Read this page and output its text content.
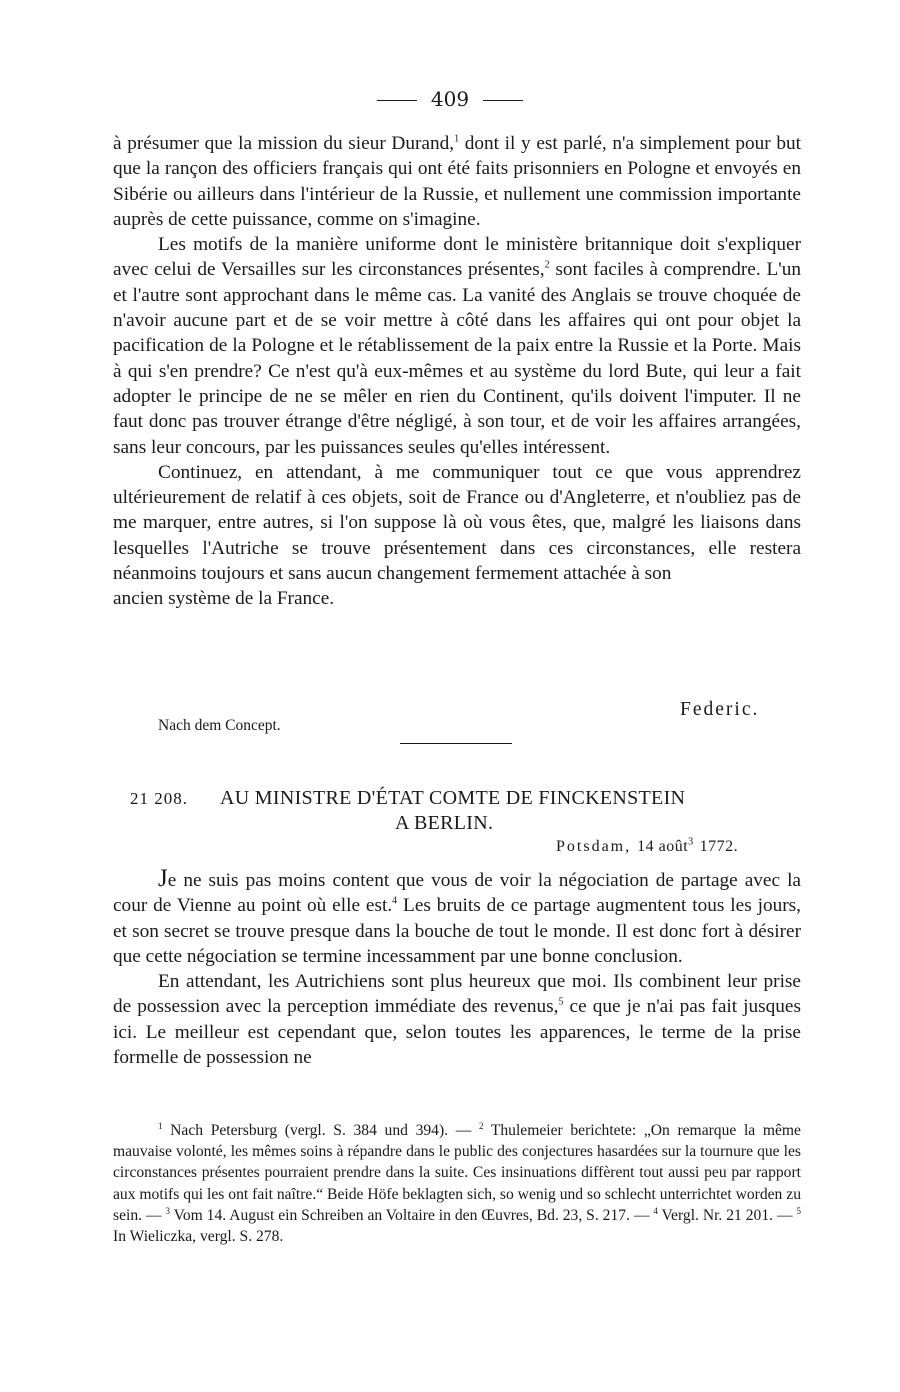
409

à présumer que la mission du sieur Durand,$^1$ dont il y est parlé, n'a simplement pour but que la rançon des officiers français qui ont été faits prisonniers en Pologne et envoyés en Sibérie ou ailleurs dans l'intérieur de la Russie, et nullement une commission importante auprès de cette puissance, comme on s'imagine.

Les motifs de la manière uniforme dont le ministère britannique doit s'expliquer avec celui de Versailles sur les circonstances présentes,$^2$ sont faciles à comprendre. L'un et l'autre sont approchant dans le même cas. La vanité des Anglais se trouve choquée de n'avoir aucune part et de se voir mettre à côté dans les affaires qui ont pour objet la pacification de la Pologne et le rétablissement de la paix entre la Russie et la Porte. Mais à qui s'en prendre? Ce n'est qu'à eux-mêmes et au système du lord Bute, qui leur a fait adopter le principe de ne se mêler en rien du Continent, qu'ils doivent l'imputer. Il ne faut donc pas trouver étrange d'être négligé, à son tour, et de voir les affaires arrangées, sans leur concours, par les puissances seules qu'elles intéressent.

Continuez, en attendant, à me communiquer tout ce que vous apprendrez ultérieurement de relatif à ces objets, soit de France ou d'Angleterre, et n'oubliez pas de me marquer, entre autres, si l'on suppose là où vous êtes, que, malgré les liaisons dans lesquelles l'Autriche se trouve présentement dans ces circonstances, elle restera néanmoins toujours et sans aucun changement fermement attachée à son

ancien système de la France.

Federic.
Nach dem Concept.
21 208. AU MINISTRE D'ÉTAT COMTE DE FINCKENSTEIN
A BERLIN.
Potsdam, 14 août$^3$ 1772.

Je ne suis pas moins content que vous de voir la négociation de partage avec la cour de Vienne au point où elle est.$^4$ Les bruits de ce partage augmentent tous les jours, et son secret se trouve presque dans la bouche de tout le monde. Il est donc fort à désirer que cette négociation se termine incessamment par une bonne conclusion.

En attendant, les Autrichiens sont plus heureux que moi. Ils combinent leur prise de possession avec la perception immédiate des revenus,$^5$ ce que je n'ai pas fait jusques ici. Le meilleur est cependant que, selon toutes les apparences, le terme de la prise formelle de possession ne

$^1$ Nach Petersburg (vergl. S. 384 und 394). — $^2$ Thulemeier berichtete: „On remarque la même mauvaise volonté, les mêmes soins à répandre dans le public des conjectures hasardées sur la tournure que les circonstances présentes pourraient prendre dans la suite. Ces insinuations diffèrent tout aussi peu par rapport aux motifs qui les ont fait naître.“ Beide Höfe beklagten sich, so wenig und so schlecht unterrichtet worden zu sein. — $^3$ Vom 14. August ein Schreiben an Voltaire in den Œuvres, Bd. 23, S. 217. — $^4$ Vergl. Nr. 21 201. — $^5$ In Wieliczka, vergl. S. 278.
